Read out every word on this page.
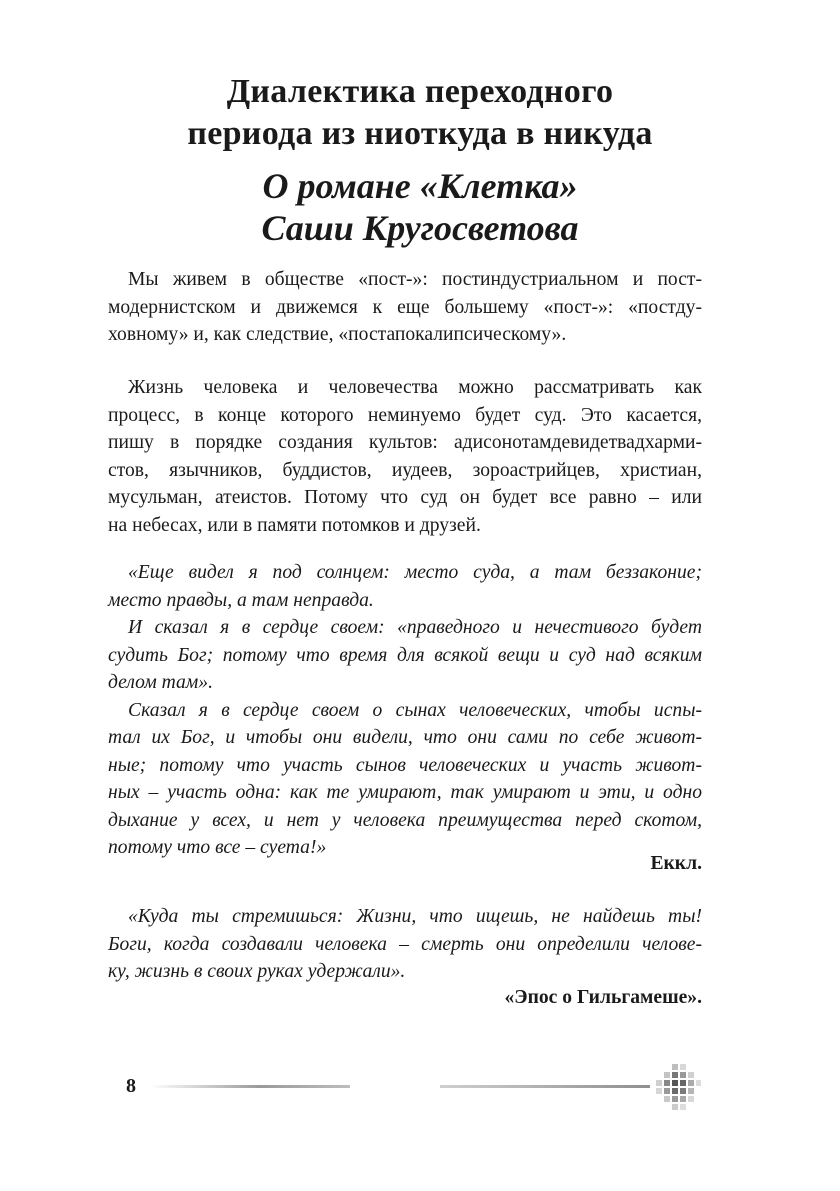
Диалектика переходного
периода из ниоткуда в никуда
О романе «Клетка»
Саши Кругосветова

Мы живем в обществе «пост-»: постиндустриальном и пост-
модернистском и движемся к еще большему «пост-»: «постду-
ховному» и, как следствие, «постапокалипсическому».

Жизнь человека и человечества можно рассматривать как
процесс, в конце которого неминуемо будет суд. Это касается,
пишу в порядке создания культов: адисонотамдевидетвадхарми-
стов, язычников, буддистов, иудеев, зороастрийцев, христиан,
мусульман, атеистов. Потому что суд он будет все равно – или
на небесах, или в памяти потомков и друзей.

«Еще видел я под солнцем: место суда, а там беззаконие;
место правды, а там неправда.
И сказал я в сердце своем: «праведного и нечестивого будет
судить Бог; потому что время для всякой вещи и суд над всяким
делом там».
Сказал я в сердце своем о сынах человеческих, чтобы испы-
тал их Бог, и чтобы они видели, что они сами по себе живот-
ные; потому что участь сынов человеческих и участь живот-
ных – участь одна: как те умирают, так умирают и эти, и одно
дыхание у всех, и нет у человека преимущества перед скотом,
потому что все – суета!»

Еккл.

«Куда ты стремишься: Жизни, что ищешь, не найдешь ты!
Боги, когда создавали человека – смерть они определили челове-
ку, жизнь в своих руках удержали».

«Эпос о Гильгамеше».

8
